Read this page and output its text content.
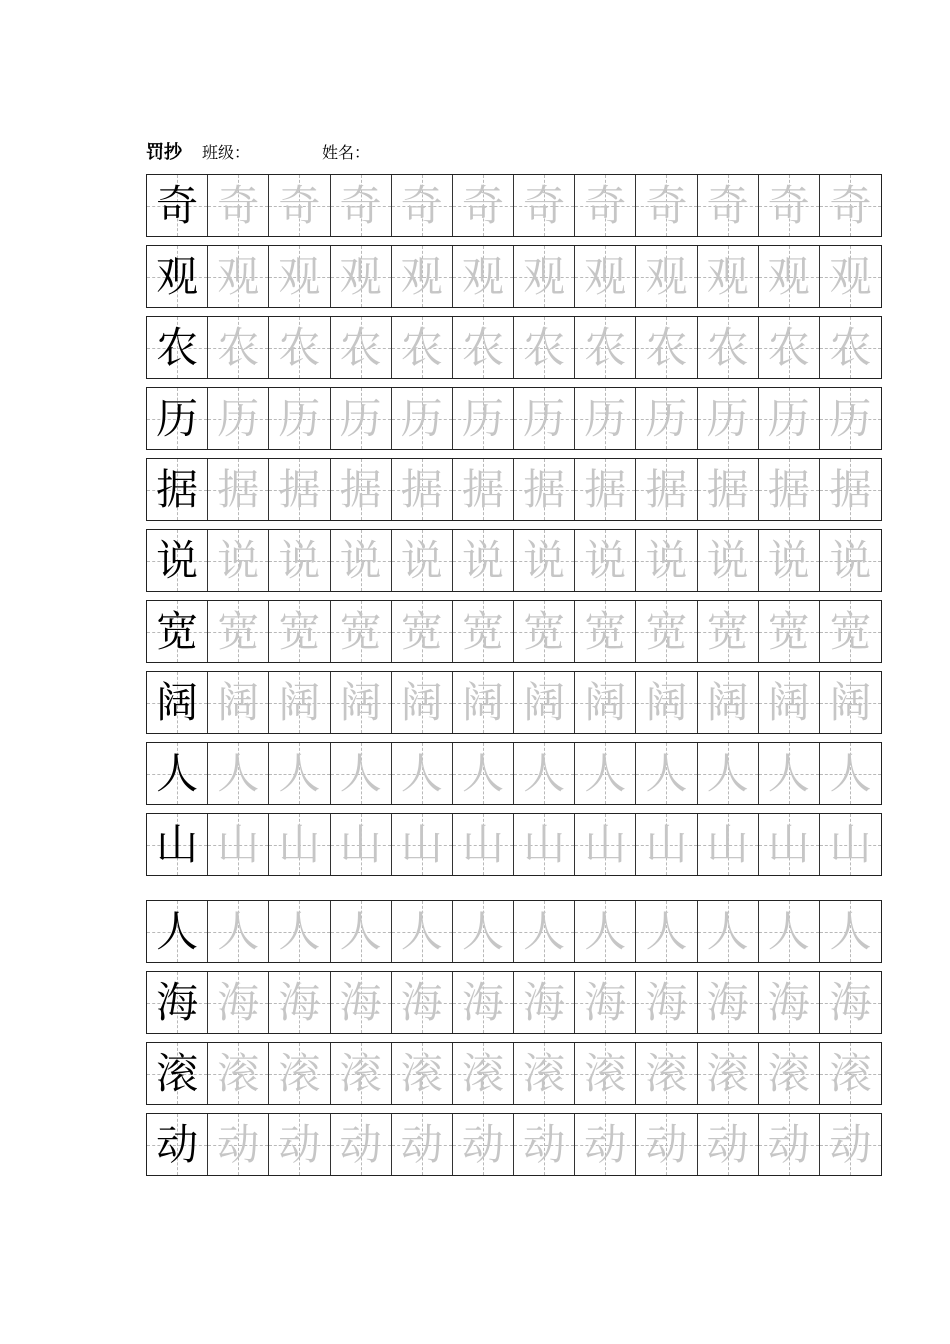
罚抄 班级：	姓名：
奇 奇 奇 奇 奇 奇 奇 奇 奇 奇 奇 奇
观 观 观 观 观 观 观 观 观 观 观 观
农 农 农 农 农 农 农 农 农 农 农 农
历 历 历 历 历 历 历 历 历 历 历 历
据 据 据 据 据 据 据 据 据 据 据 据
说 说 说 说 说 说 说 说 说 说 说 说
宽 宽 宽 宽 宽 宽 宽 宽 宽 宽 宽 宽
阔 阔 阔 阔 阔 阔 阔 阔 阔 阔 阔 阔
人 人 人 人 人 人 人 人 人 人 人 人
山 山 山 山 山 山 山 山 山 山 山 山
人 人 人 人 人 人 人 人 人 人 人 人
海 海 海 海 海 海 海 海 海 海 海 海
滚 滚 滚 滚 滚 滚 滚 滚 滚 滚 滚 滚
动 动 动 动 动 动 动 动 动 动 动 动
